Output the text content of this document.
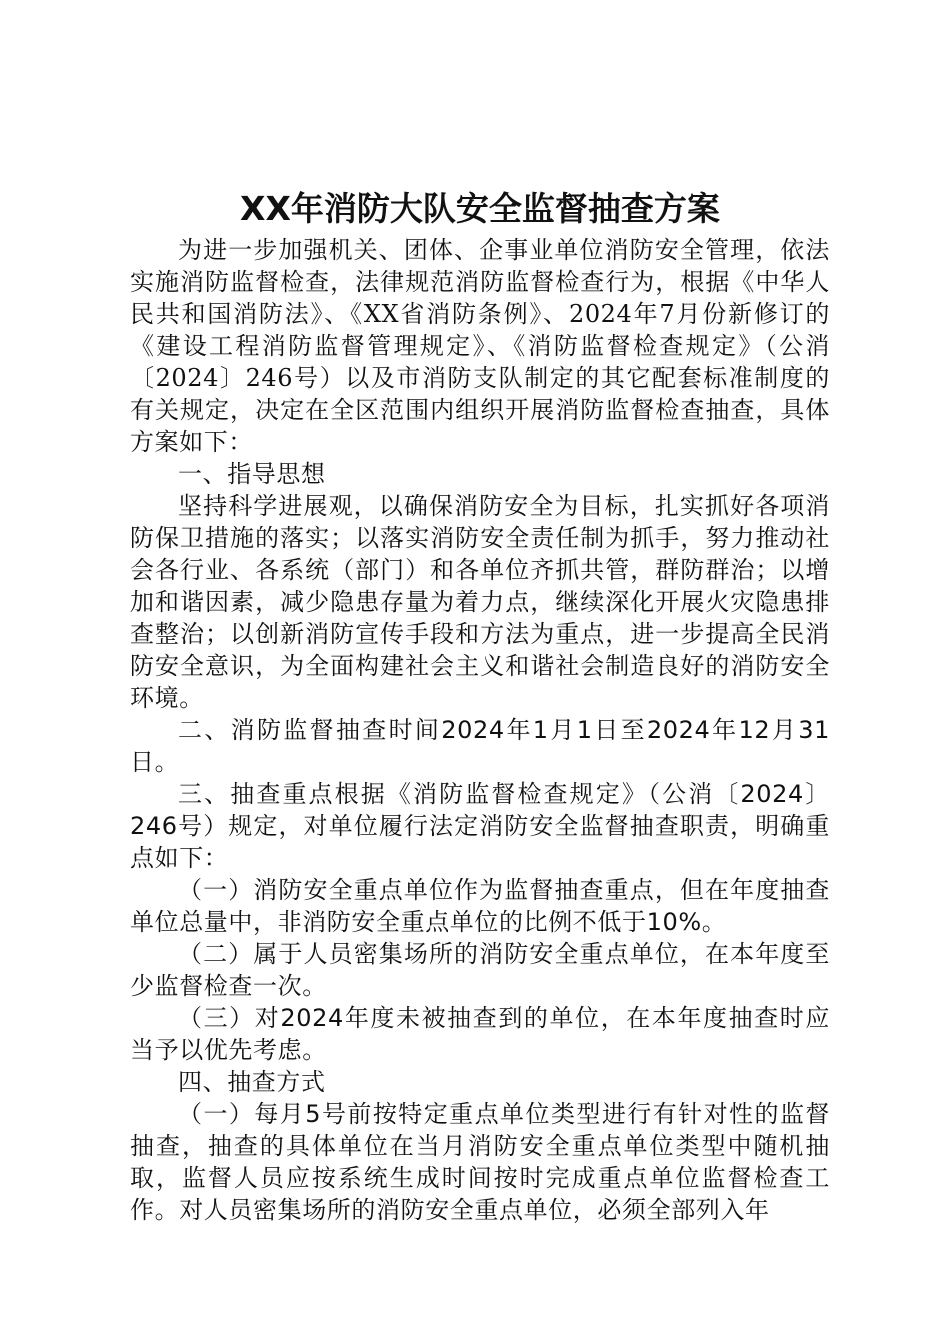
XX年消防大队安全监督抽查方案

为进一步加强机关、团体、企事业单位消防安全管理，依法实施消防监督检查，法律规范消防监督检查行为，根据《中华人民共和国消防法》、《XX省消防条例》、2024年7月份新修订的《建设工程消防监督管理规定》、《消防监督检查规定》（公消〔2024〕246号）以及市消防支队制定的其它配套标准制度的有关规定，决定在全区范围内组织开展消防监督检查抽查，具体方案如下：

一、指导思想

坚持科学进展观，以确保消防安全为目标，扎实抓好各项消防保卫措施的落实；以落实消防安全责任制为抓手，努力推动社会各行业、各系统（部门）和各单位齐抓共管，群防群治；以增加和谐因素，减少隐患存量为着力点，继续深化开展火灾隐患排查整治；以创新消防宣传手段和方法为重点，进一步提高全民消防安全意识，为全面构建社会主义和谐社会制造良好的消防安全环境。

二、消防监督抽查时间2024年1月1日至2024年12月31日。

三、抽查重点根据《消防监督检查规定》（公消〔2024〕246号）规定，对单位履行法定消防安全监督抽查职责，明确重点如下：

（一）消防安全重点单位作为监督抽查重点，但在年度抽查单位总量中，非消防安全重点单位的比例不低于10%。

（二）属于人员密集场所的消防安全重点单位，在本年度至少监督检查一次。

（三）对2024年度未被抽查到的单位，在本年度抽查时应当予以优先考虑。

四、抽查方式

（一）每月5号前按特定重点单位类型进行有针对性的监督抽查，抽查的具体单位在当月消防安全重点单位类型中随机抽取，监督人员应按系统生成时间按时完成重点单位监督检查工作。对人员密集场所的消防安全重点单位，必须全部列入年
